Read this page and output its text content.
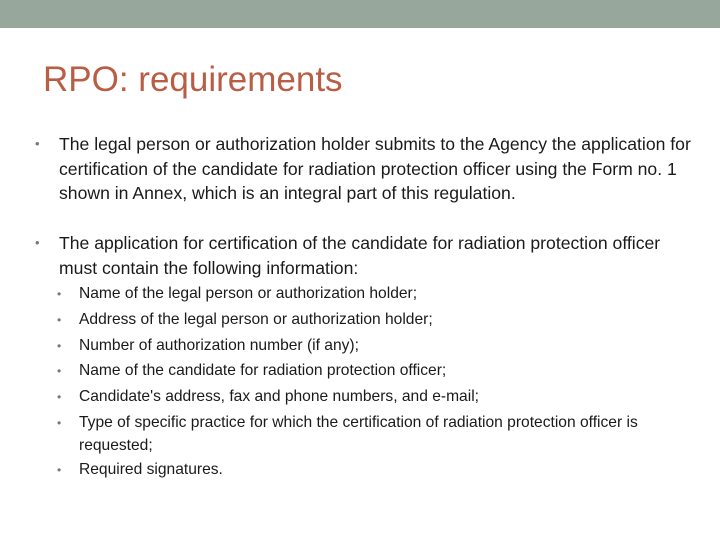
RPO: requirements
•	The legal person or authorization holder submits to the Agency the application for certification of the candidate for radiation protection officer using the Form no. 1 shown in Annex, which is an integral part of this regulation.
•	The application for certification of the candidate for radiation protection officer must contain the following information:
• Name of the legal person or authorization holder;
• Address of the legal person or authorization holder;
• Number of authorization number (if any);
• Name of the candidate for radiation protection officer;
• Candidate's address, fax and phone numbers, and e-mail;
• Type of specific practice for which the certification of radiation protection officer is requested;
• Required signatures.
